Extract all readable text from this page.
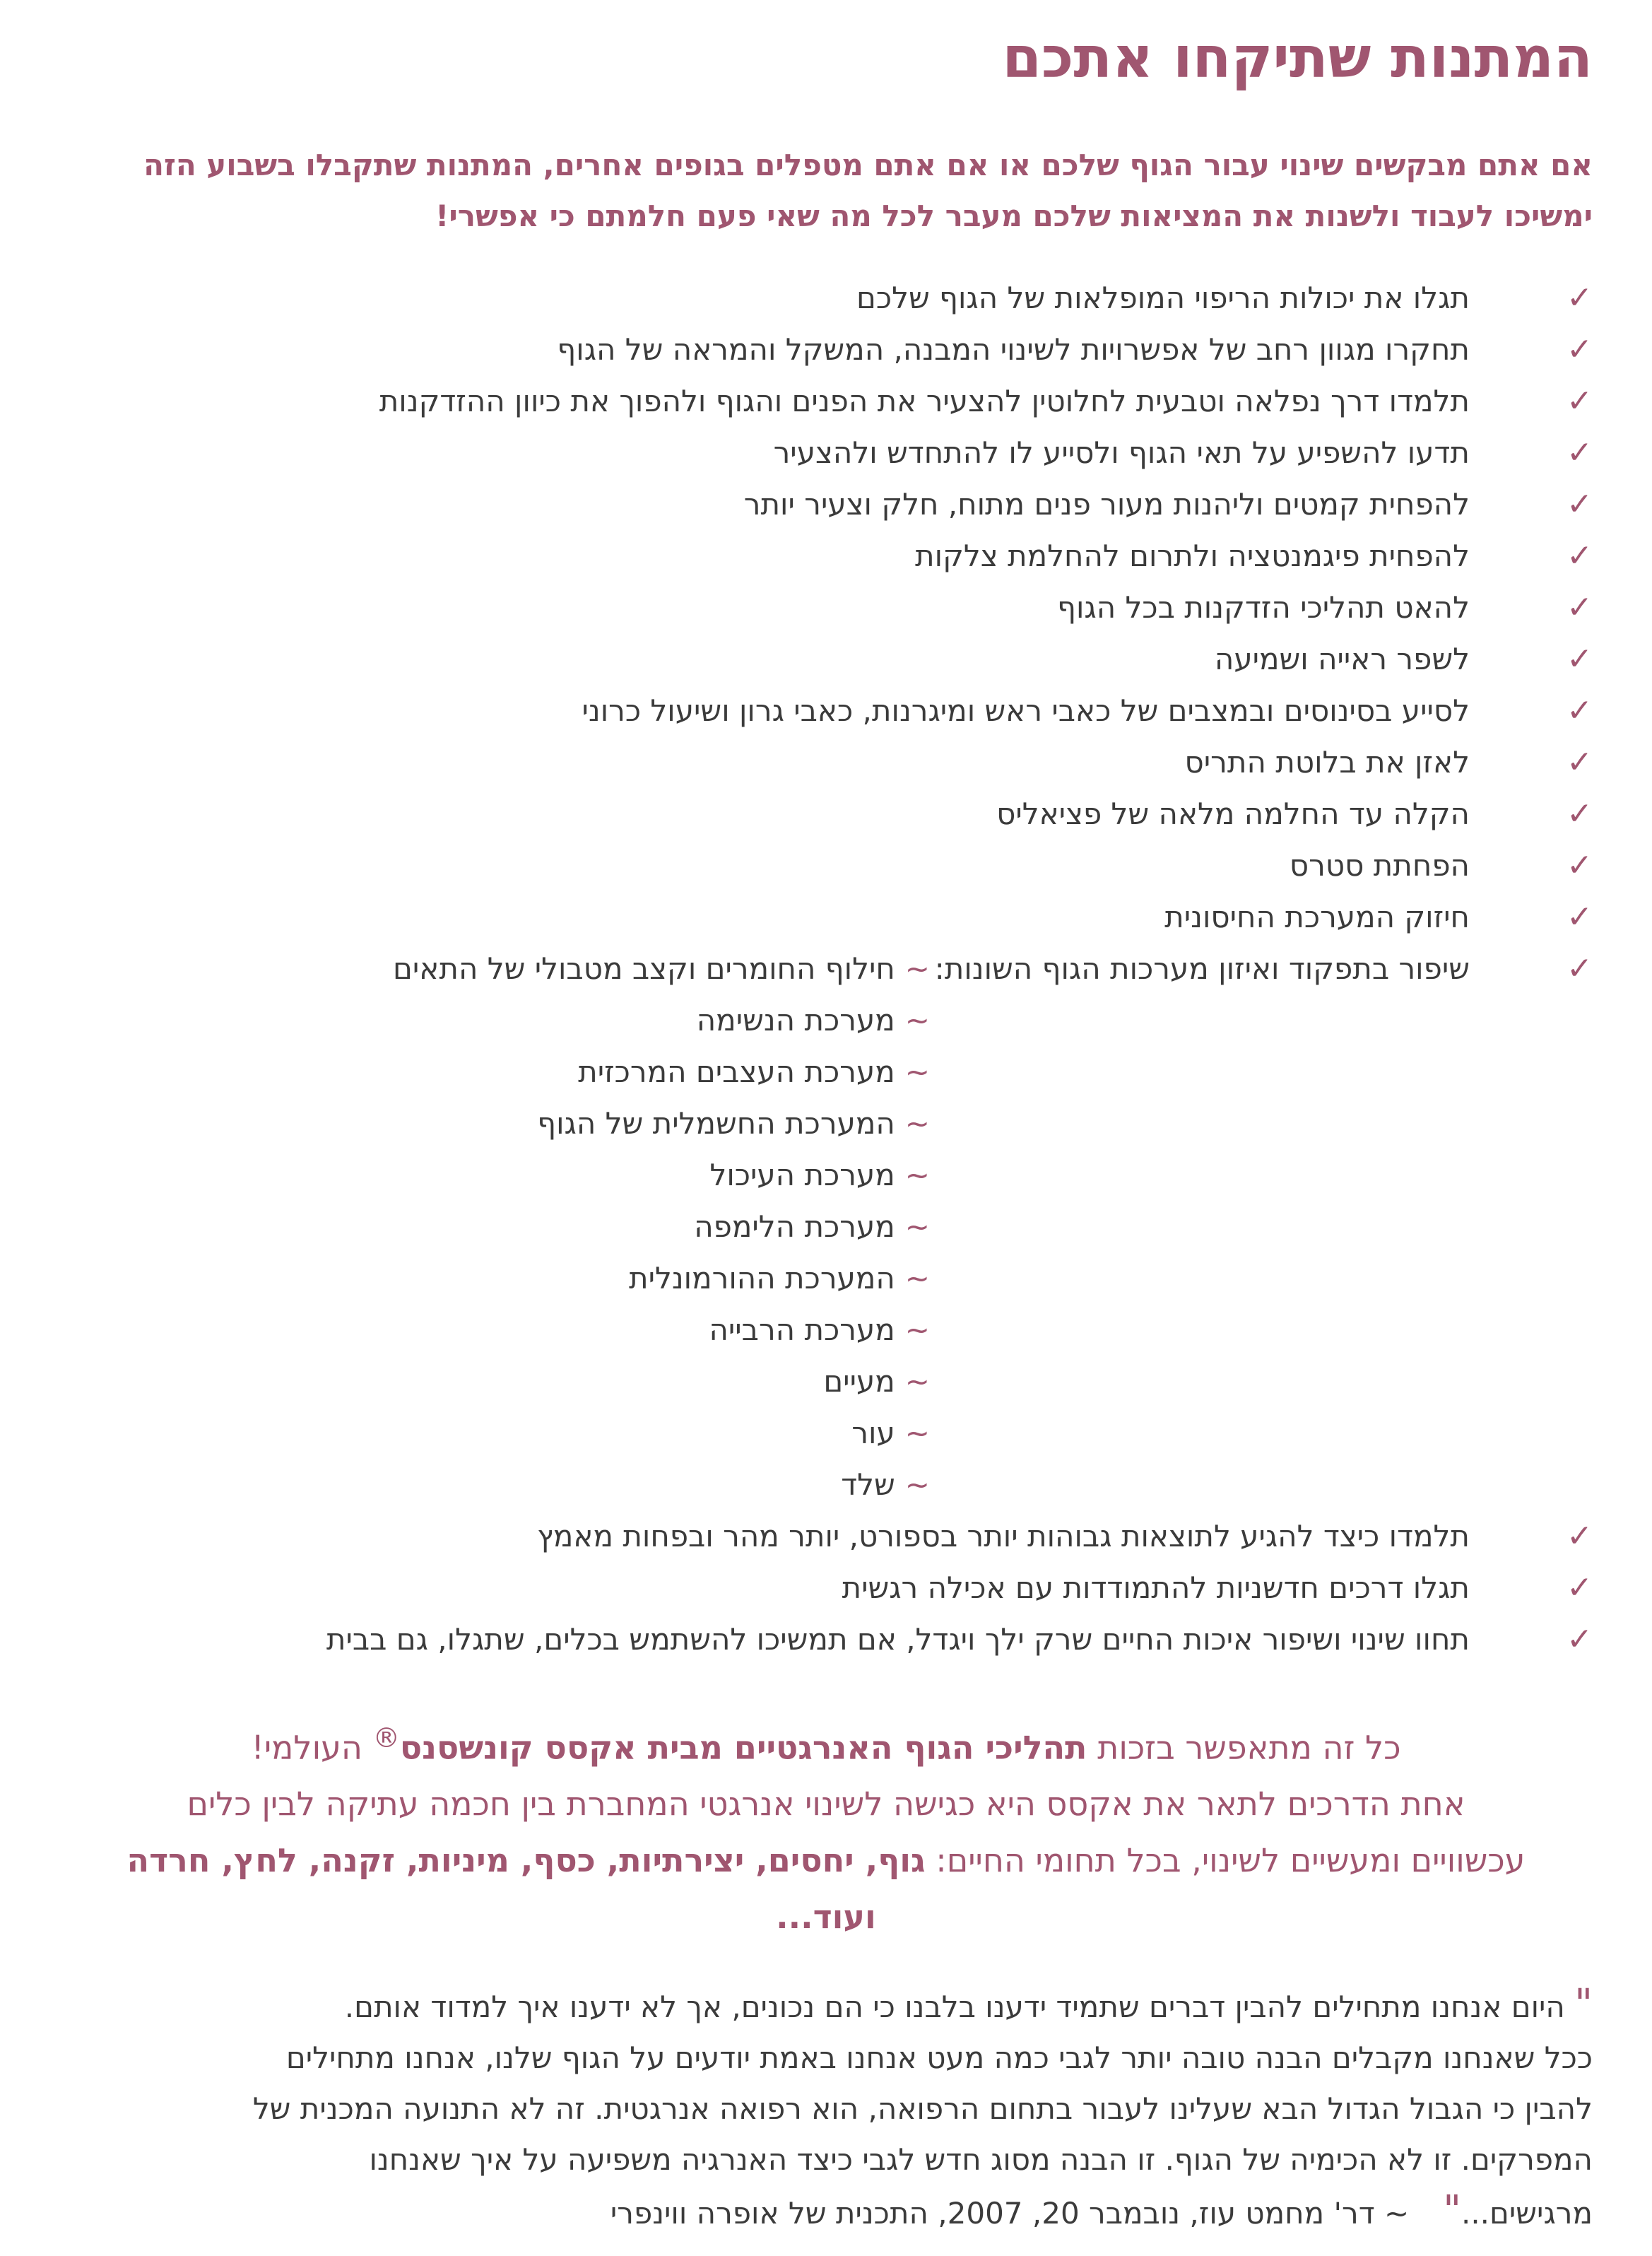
המתנות שתיקחו אתכם

אם אתם מבקשים שינוי עבור הגוף שלכם או אם אתם מטפלים בגופים אחרים, המתנות שתקבלו בשבוע הזה
ימשיכו לעבוד ולשנות את המציאות שלכם מעבר לכל מה שאי פעם חלמתם כי אפשרי!

✓
תגלו את יכולות הריפוי המופלאות של הגוף שלכם
✓
תחקרו מגוון רחב של אפשרויות לשינוי המבנה, המשקל והמראה של הגוף
✓
תלמדו דרך נפלאה וטבעית לחלוטין להצעיר את הפנים והגוף ולהפוך את כיוון ההזדקנות
✓
תדעו להשפיע על תאי הגוף ולסייע לו להתחדש ולהצעיר
✓
להפחית קמטים וליהנות מעור פנים מתוח, חלק וצעיר יותר
✓
להפחית פיגמנטציה ולתרום להחלמת צלקות
✓
להאט תהליכי הזדקנות בכל הגוף
✓
לשפר ראייה ושמיעה
✓
לסייע בסינוסים ובמצבים של כאבי ראש ומיגרנות, כאבי גרון ושיעול כרוני
✓
לאזן את בלוטת התריס
✓
הקלה עד החלמה מלאה של פציאליס
✓
הפחתת סטרס
✓
חיזוק המערכת החיסונית
✓
שיפור בתפקוד ואיזון מערכות הגוף השונות:
~חילוף החומרים וקצב מטבולי של התאים
~מערכת הנשימה
~מערכת העצבים המרכזית
~המערכת החשמלית של הגוף
~מערכת העיכול
~מערכת הלימפה
~המערכת ההורמונלית
~מערכת הרבייה
~מעיים
~עור
~שלד
✓
תלמדו כיצד להגיע לתוצאות גבוהות יותר בספורט, יותר מהר ובפחות מאמץ
✓
תגלו דרכים חדשניות להתמודדות עם אכילה רגשית
✓
תחוו שינוי ושיפור איכות החיים שרק ילך ויגדל, אם תמשיכו להשתמש בכלים, שתגלו, גם בבית
כל זה מתאפשר בזכות תהליכי הגוף האנרגטיים מבית אקסס קונשסנס® העולמי!
אחת הדרכים לתאר את אקסס היא כגישה לשינוי אנרגטי המחברת בין חכמה עתיקה לבין כלים
עכשוויים ומעשיים לשינוי, בכל תחומי החיים: גוף, יחסים, יצירתיות, כסף, מיניות, זקנה, לחץ, חרדה
ועוד...
" היום אנחנו מתחילים להבין דברים שתמיד ידענו בלבנו כי הם נכונים, אך לא ידענו איך למדוד אותם.
ככל שאנחנו מקבלים הבנה טובה יותר לגבי כמה מעט אנחנו באמת יודעים על הגוף שלנו, אנחנו מתחילים
להבין כי הגבול הגדול הבא שעלינו לעבור בתחום הרפואה, הוא רפואה אנרגטית. זה לא התנועה המכנית של
המפרקים. זו לא הכימיה של הגוף. זו הבנה מסוג חדש לגבי כיצד האנרגיה משפיעה על איך שאנחנו
מרגישים..."~ דר' מחמט עוז, נובמבר 20, 2007, התכנית של אופרה ווינפרי
